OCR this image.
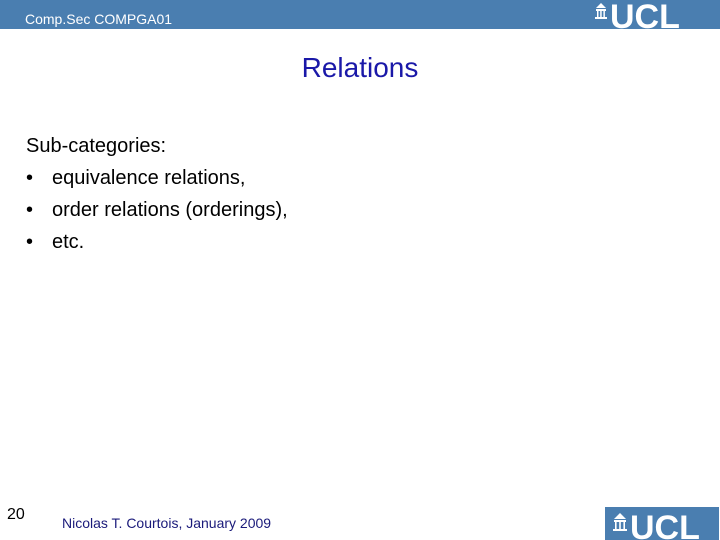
Comp.Sec COMPGA01	UCL
Relations
Sub-categories:
• equivalence relations,
• order relations (orderings),
• etc.
20	Nicolas T. Courtois, January 2009	UCL
